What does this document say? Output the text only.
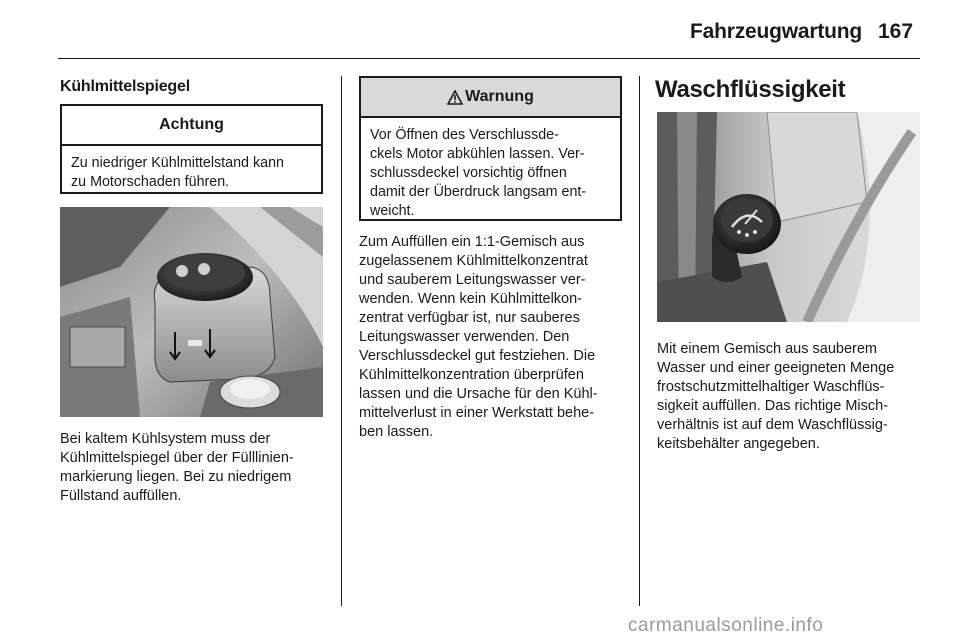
Fahrzeugwartung 167
Kühlmittelspiegel
Achtung
Zu niedriger Kühlmittelstand kann
zu Motorschaden führen.
Bei kaltem Kühlsystem muss der
Kühlmittelspiegel über der Fülllinien-
markierung liegen. Bei zu niedrigem
Füllstand auffüllen.
Warnung
Vor Öffnen des Verschlussde-
ckels Motor abkühlen lassen. Ver-
schlussdeckel vorsichtig öffnen
damit der Überdruck langsam ent-
weicht.
Zum Auffüllen ein 1:1-Gemisch aus
zugelassenem Kühlmittelkonzentrat
und sauberem Leitungswasser ver-
wenden. Wenn kein Kühlmittelkon-
zentrat verfügbar ist, nur sauberes
Leitungswasser verwenden. Den
Verschlussdeckel gut festziehen. Die
Kühlmittelkonzentration überprüfen
lassen und die Ursache für den Kühl-
mittelverlust in einer Werkstatt behe-
ben lassen.
Waschflüssigkeit
Mit einem Gemisch aus sauberem
Wasser und einer geeigneten Menge
frostschutzmittelhaltiger Waschflüs-
sigkeit auffüllen. Das richtige Misch-
verhältnis ist auf dem Waschflüssig-
keitsbehälter angegeben.
carmanualsonline.info
